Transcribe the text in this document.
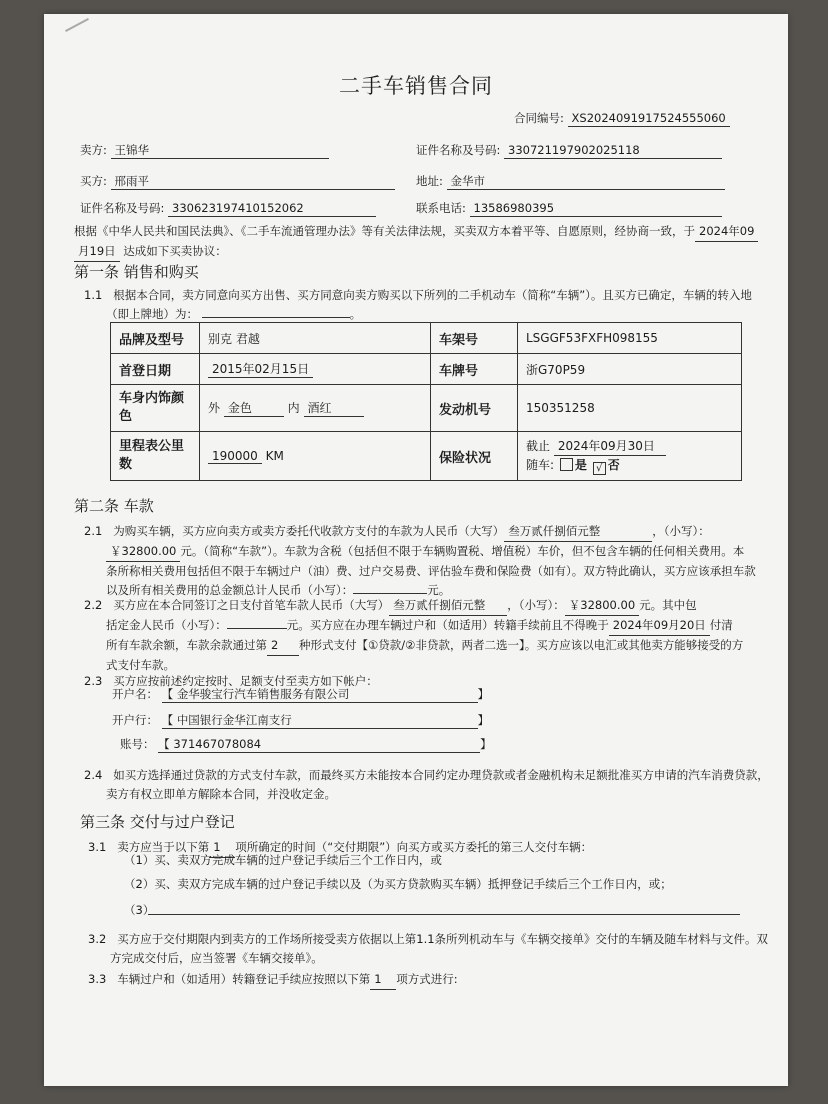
二手车销售合同
合同编号: XS2024091917524555060
卖方: 王锦华	证件名称及号码: 330721197902025118
买方: 邢雨平	地址: 金华市
证件名称及号码: 330623197410152062	联系电话: 13586980395
根据《中华人民共和国民法典》、《二手车流通管理办法》等有关法律法规，买卖双方本着平等、自愿原则，经协商一致，于 2024年09
月19日 达成如下买卖协议：
第一条 销售和购买
1.1 根据本合同，卖方同意向买方出售、买方同意向卖方购买以下所列的二手机动车（简称“车辆”）。且买方已确定，车辆的转入地
（即上牌地）为：	。
品牌及型号	别克 君越	车架号	LSGGF53FXFH098155
首登日期	2015年02月15日	车牌号	浙G70P59
车身内饰颜
色	外 金色 内 酒红	发动机号	150351258
里程表公里
数	190000 KM	保险状况	截止 2024年09月30日
随车: 是 √ 否
第二条 车款
2.1 为购买车辆，买方应向卖方或卖方委托代收款方支付的车款为人民币（大写） 叁万贰仟捌佰元整	，（小写）：
￥32800.00 元。（简称“车款”）。车款为含税（包括但不限于车辆购置税、增值税）车价，但不包含车辆的任何相关费用。本
条所称相关费用包括但不限于车辆过户（油）费、过户交易费、评估验车费和保险费（如有）。双方特此确认，买方应该承担车款
以及所有相关费用的总金额总计人民币（小写）：	元。
2.2 买方应在本合同签订之日支付首笔车款人民币（大写） 叁万贰仟捌佰元整 ，（小写）： ￥32800.00 元。其中包
括定金人民币（小写）：	元。买方应在办理车辆过户和（如适用）转籍手续前且不得晚于 2024年09月20日 付清
所有车款余额，车款余款通过第 2 种形式支付【①贷款/②非贷款，两者二选一】。买方应该以电汇或其他卖方能够接受的方
式支付车款。
2.3 买方应按前述约定按时、足额支付至卖方如下帐户：
开户名： 【 金华骏宝行汽车销售服务有限公司	】
开户行： 【 中国银行金华江南支行	】
账号： 【 371467078084	】
2.4 如买方选择通过贷款的方式支付车款，而最终买方未能按本合同约定办理贷款或者金融机构未足额批准买方申请的汽车消费贷款，
卖方有权立即单方解除本合同，并没收定金。
第三条 交付与过户登记
3.1 卖方应当于以下第 1 项所确定的时间（“交付期限”）向买方或买方委托的第三人交付车辆：
（1）买、卖双方完成车辆的过户登记手续后三个工作日内，或
（2）买、卖双方完成车辆的过户登记手续以及（为买方贷款购买车辆）抵押登记手续后三个工作日内，或；
（3）
3.2 买方应于交付期限内到卖方的工作场所接受卖方依据以上第1.1条所列机动车与《车辆交接单》交付的车辆及随车材料与文件。双
方完成交付后，应当签署《车辆交接单》。
3.3 车辆过户和（如适用）转籍登记手续应按照以下第 1 项方式进行:
